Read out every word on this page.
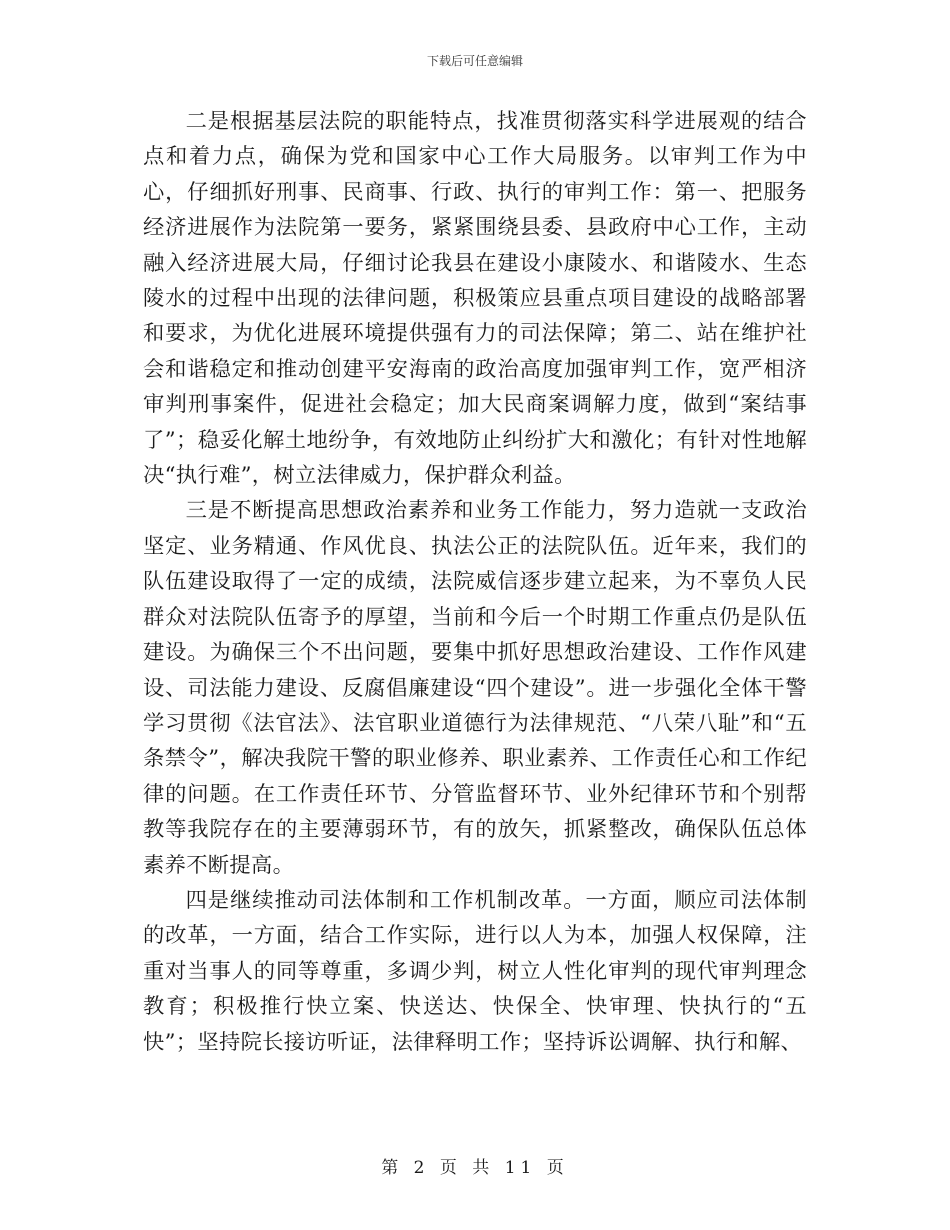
下载后可任意编辑

二是根据基层法院的职能特点，找准贯彻落实科学进展观的结合点和着力点，确保为党和国家中心工作大局服务。以审判工作为中心，仔细抓好刑事、民商事、行政、执行的审判工作：第一、把服务经济进展作为法院第一要务，紧紧围绕县委、县政府中心工作，主动融入经济进展大局，仔细讨论我县在建设小康陵水、和谐陵水、生态陵水的过程中出现的法律问题，积极策应县重点项目建设的战略部署和要求，为优化进展环境提供强有力的司法保障；第二、站在维护社会和谐稳定和推动创建平安海南的政治高度加强审判工作，宽严相济审判刑事案件，促进社会稳定；加大民商案调解力度，做到“案结事了”；稳妥化解土地纷争，有效地防止纠纷扩大和激化；有针对性地解决“执行难”，树立法律威力，保护群众利益。

三是不断提高思想政治素养和业务工作能力，努力造就一支政治坚定、业务精通、作风优良、执法公正的法院队伍。近年来，我们的队伍建设取得了一定的成绩，法院威信逐步建立起来，为不辜负人民群众对法院队伍寄予的厚望，当前和今后一个时期工作重点仍是队伍建设。为确保三个不出问题，要集中抓好思想政治建设、工作作风建设、司法能力建设、反腐倡廉建设“四个建设”。进一步强化全体干警学习贯彻《法官法》、法官职业道德行为法律规范、“八荣八耻”和“五条禁令”，解决我院干警的职业修养、职业素养、工作责任心和工作纪律的问题。在工作责任环节、分管监督环节、业外纪律环节和个别帮教等我院存在的主要薄弱环节，有的放矢，抓紧整改，确保队伍总体素养不断提高。

四是继续推动司法体制和工作机制改革。一方面，顺应司法体制的改革，一方面，结合工作实际，进行以人为本，加强人权保障，注重对当事人的同等尊重，多调少判，树立人性化审判的现代审判理念教育；积极推行快立案、快送达、快保全、快审理、快执行的“五快”；坚持院长接访听证，法律释明工作；坚持诉讼调解、执行和解、

第 2 页 共 11 页
